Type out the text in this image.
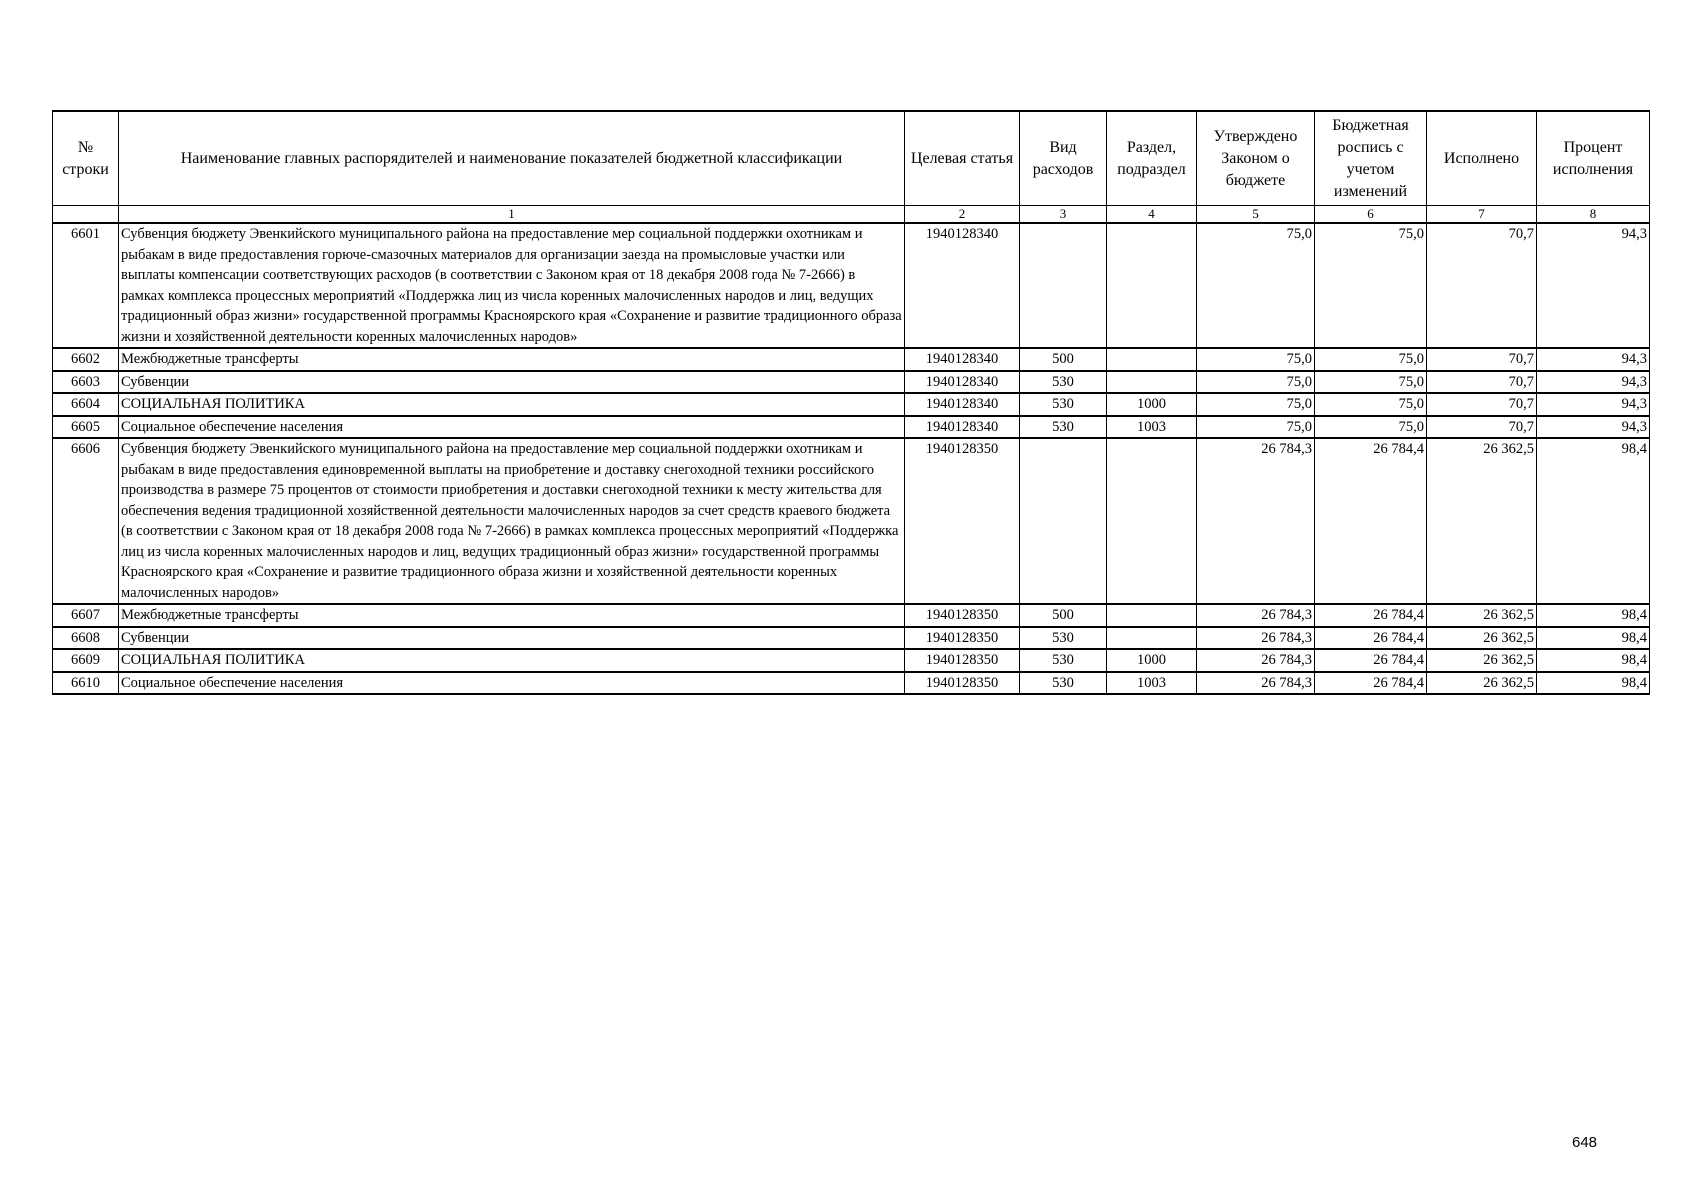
№ строки	Наименование главных распорядителей и наименование показателей бюджетной классификации	Целевая статья	Вид расходов	Раздел, подраздел	Утверждено Законом о бюджете	Бюджетная роспись с учетом изменений	Исполнено	Процент исполнения
	1	2	3	4	5	6	7	8
6601	Субвенция бюджету Эвенкийского муниципального района на предоставление мер социальной поддержки охотникам и рыбакам в виде предоставления горюче-смазочных материалов для организации заезда на промысловые участки или выплаты компенсации соответствующих расходов (в соответствии с Законом края от 18 декабря 2008 года № 7-2666) в рамках комплекса процессных мероприятий «Поддержка лиц из числа коренных малочисленных народов и лиц, ведущих традиционный образ жизни» государственной программы Красноярского края «Сохранение и развитие традиционного образа жизни и хозяйственной деятельности коренных малочисленных народов»	1940128340			75,0	75,0	70,7	94,3
6602	Межбюджетные трансферты	1940128340	500		75,0	75,0	70,7	94,3
6603	Субвенции	1940128340	530		75,0	75,0	70,7	94,3
6604	СОЦИАЛЬНАЯ ПОЛИТИКА	1940128340	530	1000	75,0	75,0	70,7	94,3
6605	Социальное обеспечение населения	1940128340	530	1003	75,0	75,0	70,7	94,3
6606	Субвенция бюджету Эвенкийского муниципального района на предоставление мер социальной поддержки охотникам и рыбакам в виде предоставления единовременной выплаты на приобретение и доставку снегоходной техники российского производства в размере 75 процентов от стоимости приобретения и доставки снегоходной техники к месту жительства для обеспечения ведения традиционной хозяйственной деятельности малочисленных народов за счет средств краевого бюджета (в соответствии с Законом края от 18 декабря 2008 года № 7-2666) в рамках комплекса процессных мероприятий «Поддержка лиц из числа коренных малочисленных народов и лиц, ведущих традиционный образ жизни» государственной программы Красноярского края «Сохранение и развитие традиционного образа жизни и хозяйственной деятельности коренных малочисленных народов»	1940128350			26 784,3	26 784,4	26 362,5	98,4
6607	Межбюджетные трансферты	1940128350	500		26 784,3	26 784,4	26 362,5	98,4
6608	Субвенции	1940128350	530		26 784,3	26 784,4	26 362,5	98,4
6609	СОЦИАЛЬНАЯ ПОЛИТИКА	1940128350	530	1000	26 784,3	26 784,4	26 362,5	98,4
6610	Социальное обеспечение населения	1940128350	530	1003	26 784,3	26 784,4	26 362,5	98,4
648
